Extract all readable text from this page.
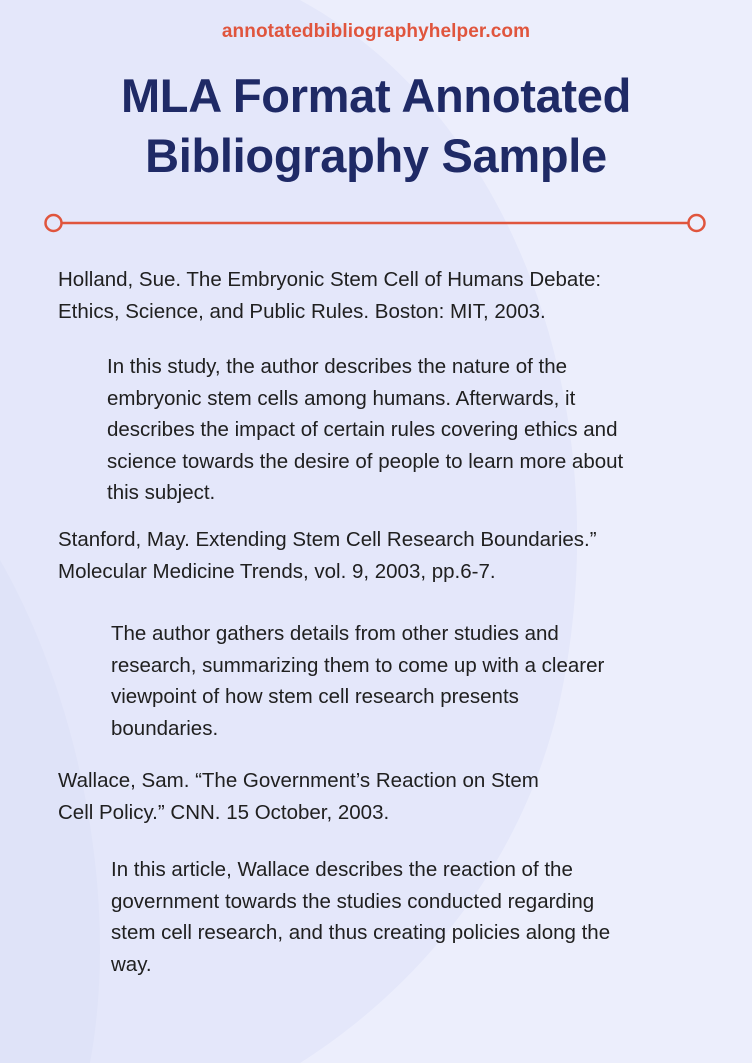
annotatedbibliographyhelper.com
MLA Format Annotated
Bibliography Sample

Holland, Sue. The Embryonic Stem Cell of Humans Debate:
Ethics, Science, and Public Rules. Boston: MIT, 2003.

In this study, the author describes the nature of the
embryonic stem cells among humans. Afterwards, it
describes the impact of certain rules covering ethics and
science towards the desire of people to learn more about
this subject.

Stanford, May. Extending Stem Cell Research Boundaries.”
Molecular Medicine Trends, vol. 9, 2003, pp.6-7.

The author gathers details from other studies and
research, summarizing them to come up with a clearer
viewpoint of how stem cell research presents
boundaries.

Wallace, Sam. “The Government’s Reaction on Stem
Cell Policy.” CNN. 15 October, 2003.

In this article, Wallace describes the reaction of the
government towards the studies conducted regarding
stem cell research, and thus creating policies along the
way.
